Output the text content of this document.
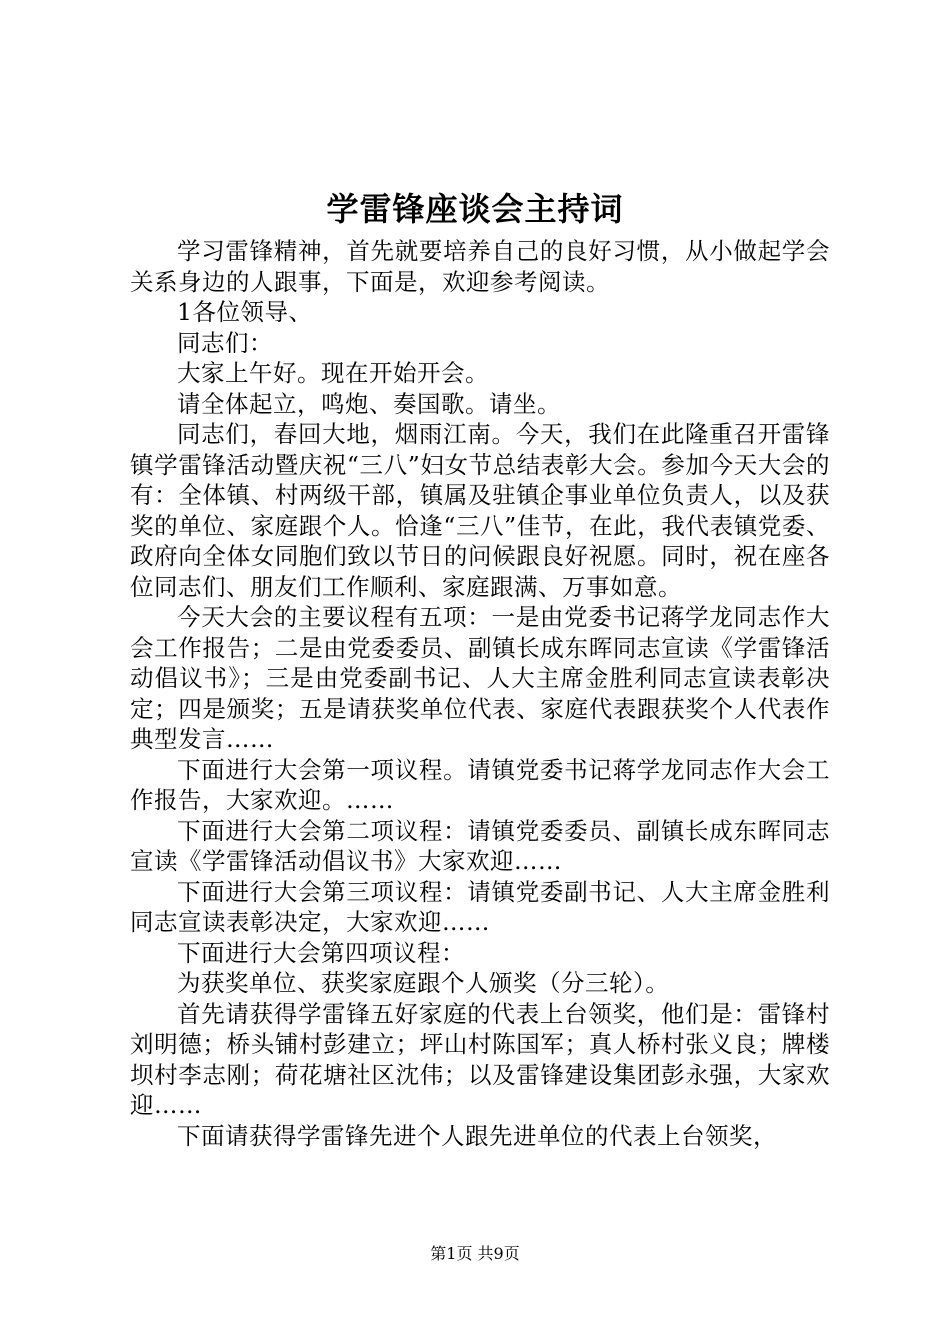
学雷锋座谈会主持词

学习雷锋精神，首先就要培养自己的良好习惯，从小做起学会关系身边的人跟事，下面是，欢迎参考阅读。

1各位领导、

同志们：

大家上午好。现在开始开会。

请全体起立，鸣炮、奏国歌。请坐。

同志们，春回大地，烟雨江南。今天，我们在此隆重召开雷锋镇学雷锋活动暨庆祝“三八”妇女节总结表彰大会。参加今天大会的有：全体镇、村两级干部，镇属及驻镇企事业单位负责人，以及获奖的单位、家庭跟个人。恰逢“三八”佳节，在此，我代表镇党委、政府向全体女同胞们致以节日的问候跟良好祝愿。同时，祝在座各位同志们、朋友们工作顺利、家庭跟满、万事如意。

今天大会的主要议程有五项：一是由党委书记蒋学龙同志作大会工作报告；二是由党委委员、副镇长成东晖同志宣读《学雷锋活动倡议书》；三是由党委副书记、人大主席金胜利同志宣读表彰决定；四是颁奖；五是请获奖单位代表、家庭代表跟获奖个人代表作典型发言……

下面进行大会第一项议程。请镇党委书记蒋学龙同志作大会工作报告，大家欢迎。……

下面进行大会第二项议程：请镇党委委员、副镇长成东晖同志宣读《学雷锋活动倡议书》大家欢迎……

下面进行大会第三项议程：请镇党委副书记、人大主席金胜利同志宣读表彰决定，大家欢迎……

下面进行大会第四项议程：

为获奖单位、获奖家庭跟个人颁奖（分三轮）。

首先请获得学雷锋五好家庭的代表上台领奖，他们是：雷锋村刘明德；桥头铺村彭建立；坪山村陈国军；真人桥村张义良；牌楼坝村李志刚；荷花塘社区沈伟；以及雷锋建设集团彭永强，大家欢迎……

下面请获得学雷锋先进个人跟先进单位的代表上台领奖，

第1页 共9页
